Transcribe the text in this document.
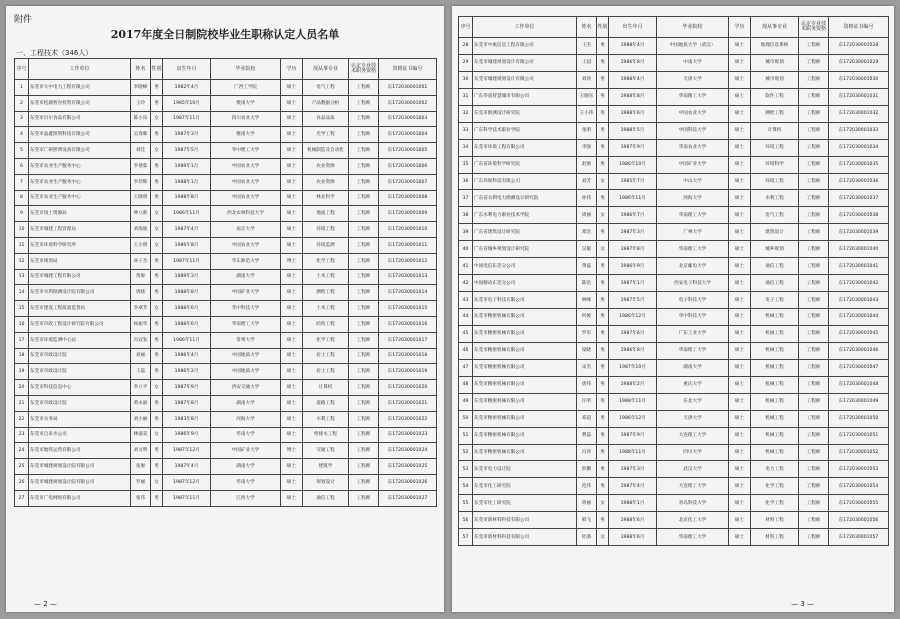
附件
2017年度全日制院校毕业生职称认定人员名单
一、工程技术（346人）
序号	工作单位	姓名	性别	出生年月	毕业院校	学历	现从事专业	认定专业技术职务资格	资格证书编号
1	东莞市大中电力工程有限公司	李晓峰	男	1982年4月	广西工学院	硕士	电气工程	工程师	东172030001001
2	东莞市松湖智谷投资有限公司	王玲	男	1985年10月	暨南大学	硕士	产品数据分析	工程师	东172030001002
3	东莞市贝尔食品有限公司	陈小乐	女	1987年11月	四川农业大学	硕士	食品品质	工程师	东172030001003
4	东莞市晶鑫照明科技有限公司	吴春晖	男	1987年3月	暨南大学	硕士	光学工程	工程师	东172030001004
5	东莞市广研照明设备有限公司	刘佳	女	1987年5月	华中理工大学	硕士	机械制造及自动化	工程师	东172030001005
6	东莞市农业生产服务中心	李倩茹	男	1989年1月	中国农业大学	硕士	农业资源	工程师	东172030001006
7	东莞市农业生产服务中心	李伟辉	男	1988年1月	中国农业大学	硕士	农业资源	工程师	东172030001007
8	东莞市农业生产服务中心	王晓明	男	1988年8月	中国农业大学	硕士	林业科学	工程师	东172030001008
9	东莞市国土资源局	钟立新	女	1986年11月	西北农林科技大学	硕士	地质工程	工程师	东172030001009
10	东莞市城建工程管理局	刘海波	女	1987年4月	南京大学	硕士	环境工程	工程师	东172030001010
11	东莞市环境科学研究所	王小明	女	1986年8月	中国农业大学	硕士	环境监测	工程师	东172030001011
12	东莞市规划局	孙子杰	男	1987年11月	华东师范大学	博士	化学工程	工程师	东172030001012
13	东莞市城建工程有限公司	黄俊	男	1989年3月	湖南大学	硕士	土木工程	工程师	东172030001013
14	东莞市水利勘测设计院有限公司	周晓	男	1988年8月	中国矿业大学	硕士	测绘工程	工程师	东172030001014
15	东莞市建设工程质量监督站	李翠芳	女	1988年6月	华中科技大学	硕士	土木工程	工程师	东172030001015
16	东莞市市政工程设计研究院有限公司	杨振华	男	1988年6月	华南理工大学	硕士	结构工程	工程师	东172030001016
17	东莞市环境监测中心站	冯冠发	男	1986年11月	常州大学	硕士	化学工程	工程师	东172030001017
18	东莞市市政设计院	刘丽	男	1986年4月	中国地质大学	硕士	岩土工程	工程师	东172030001018
19	东莞市市政设计院	王磊	男	1986年2月	中国地质大学	硕士	岩土工程	工程师	东172030001019
20	东莞市科技信息中心	李立平	女	1987年9月	西安交通大学	硕士	计算机	工程师	东172030001020
21	东莞市市政设计院	黄永福	男	1987年8月	湖南大学	硕士	道路工程	工程师	东172030001021
22	东莞市水务局	刘小丽	男	1983年8月	河海大学	硕士	水利工程	工程师	东172030001022
23	东莞市自来水公司	林淑美	女	1986年9月	华南大学	硕士	给排水工程	工程师	东172030001023
24	东莞市地铁运营有限公司	刘文明	男	1987年12月	中国矿业大学	博士	交通工程	工程师	东172030001024
25	东莞市城建规划设计院有限公司	张俊	男	1987年4月	湖南大学	硕士	建筑学	工程师	东172030001025
26	东莞市城建规划设计院有限公司	罗丽	女	1987年12月	华南大学	硕士	规划设计	工程师	东172030001026
27	东莞市广电网络有限公司	张伟	男	1987年11月	江西大学	硕士	通信工程	工程师	东172030001027
— 2 —
序号	工作单位	姓名	性别	出生年月	毕业院校	学历	现从事专业	认定专业技术职务资格	资格证书编号
28	东莞市中航信息工程有限公司	王杰	男	1988年4月	中国地质大学（武汉）	硕士	地理信息系统	工程师	东172030001028
29	东莞市城建规划设计有限公司	王超	男	1986年8月	中南大学	硕士	城市规划	工程师	东172030001029
30	东莞市城建规划设计有限公司	刘涛	男	1988年4月	天津大学	硕士	城市规划	工程师	东172030001030
31	广东华南智慧城市有限公司	王晓东	男	1988年8月	华南理工大学	硕士	软件工程	工程师	东172030001031
32	东莞市勘测设计研究院	王小伟	男	1988年6月	中国农业大学	硕士	测绘工程	工程师	东172030001032
33	广东科学技术职业学院	张明	男	1988年5月	中国科技大学	硕士	计算机	工程师	东172030001033
34	东莞市环境工程有限公司	李强	男	1987年9月	华南农业大学	硕士	环境工程	工程师	东172030001034
35	广东省环境科学研究院	赵刚	男	1986年10月	中国矿业大学	硕士	环境科学	工程师	东172030001035
36	广东环保科技有限公司	刘芳	女	1985年7月	中山大学	硕士	环境工程	工程师	东172030001036
37	广东省水利电力勘测设计研究院	孙伟	男	1986年11月	河海大学	硕士	水利工程	工程师	东172030001037
38	广东水利电力职业技术学院	周丽	女	1986年7月	华南理工大学	硕士	电气工程	工程师	东172030001038
39	广东省建筑设计研究院	郑浩	男	1987年3月	广州大学	硕士	建筑设计	工程师	东172030001039
40	广东省城乡规划设计研究院	吴敏	女	1987年8月	华南理工大学	硕士	城乡规划	工程师	东172030001040
41	中国电信东莞分公司	黄磊	男	1986年9月	北京邮电大学	硕士	通信工程	工程师	东172030001041
42	中国移动东莞分公司	陈浩	男	1987年1月	西安电子科技大学	硕士	通信工程	工程师	东172030001042
43	东莞市电子科技有限公司	林峰	男	1987年5月	电子科技大学	硕士	电子工程	工程师	东172030001043
44	东莞市精密机械有限公司	何俊	男	1986年12月	华中科技大学	硕士	机械工程	工程师	东172030001044
45	东莞市精密机械有限公司	罗军	男	1987年6月	广东工业大学	硕士	机械工程	工程师	东172030001045
46	东莞市精密机械有限公司	梁晓	男	1986年8月	华南理工大学	硕士	机械工程	工程师	东172030001046
47	东莞市精密机械有限公司	宋杰	男	1987年10月	湖南大学	硕士	机械工程	工程师	东172030001047
48	东莞市精密机械有限公司	唐伟	男	1988年2月	重庆大学	硕士	机械工程	工程师	东172030001048
49	东莞市精密机械有限公司	许明	男	1988年11月	东北大学	硕士	机械工程	工程师	东172030001049
50	东莞市精密机械有限公司	邓超	男	1986年12月	天津大学	硕士	机械工程	工程师	东172030001050
51	东莞市精密机械有限公司	曹磊	男	1987年9月	大连理工大学	硕士	机械工程	工程师	东172030001051
52	东莞市精密机械有限公司	冯涛	男	1988年11月	四川大学	硕士	机械工程	工程师	东172030001052
53	东莞市电力设计院	彭鹏	男	1987年3月	武汉大学	硕士	电力工程	工程师	东172030001053
54	东莞市化工研究院	范伟	男	1987年4月	大连理工大学	硕士	化学工程	工程师	东172030001054
55	东莞市化工研究院	蒋丽	女	1988年1月	青岛科技大学	硕士	化学工程	工程师	东172030001055
56	东莞市新材料科技有限公司	韩飞	男	1988年6月	北京化工大学	硕士	材料工程	工程师	东172030001056
57	东莞市新材料科技有限公司	杜鹃	女	1988年6月	华南理工大学	硕士	材料工程	工程师	东172030001057
— 3 —
